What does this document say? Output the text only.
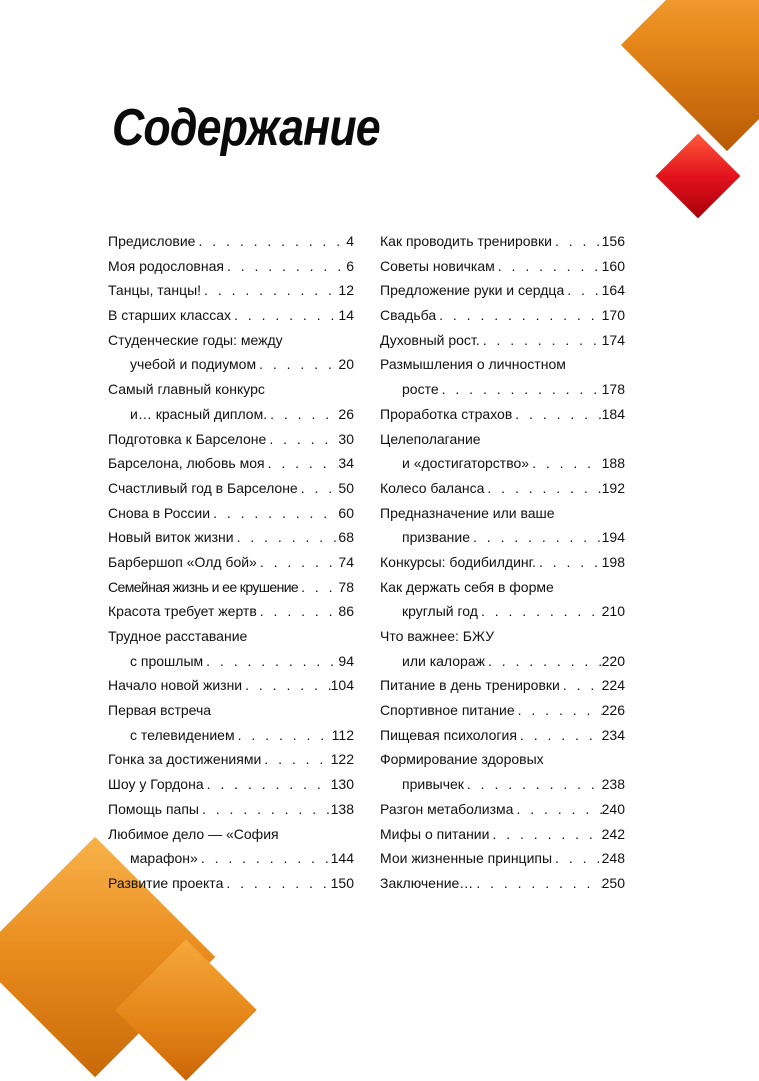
Содержание
Предисловие . . .	4
Моя родословная . . .	6
Танцы, танцы! . . .	12
В старших классах . . .	14
Студенческие годы: между
учебой и подиумом . . .	20
Самый главный конкурс
и… красный диплом. . . .	26
Подготовка к Барселоне . . .	30
Барселона, любовь моя . . .	34
Счастливый год в Барселоне . . .	50
Снова в России . . .	60
Новый виток жизни . . .	68
Барбершоп «Олд бой» . . .	74
Семейная жизнь и ее крушение . . .	78
Красота требует жертв . . .	86
Трудное расставание
с прошлым . . .	94
Начало новой жизни . . .	104
Первая встреча
с телевидением . . .	112
Гонка за достижениями . . .	122
Шоу у Гордона . . .	130
Помощь папы . . .	138
Любимое дело — «София
марафон» . . .	144
Развитие проекта . . .	150
Как проводить тренировки . . .	156
Советы новичкам . . .	160
Предложение руки и сердца . . .	164
Свадьба . . .	170
Духовный рост. . . .	174
Размышления о личностном
росте . . .	178
Проработка страхов . . .	184
Целеполагание
и «достигаторство» . . .	188
Колесо баланса . . .	192
Предназначение или ваше
призвание . . .	194
Конкурсы: бодибилдинг. . . .	198
Как держать себя в форме
круглый год . . .	210
Что важнее: БЖУ
или калораж . . .	220
Питание в день тренировки . . .	224
Спортивное питание . . .	226
Пищевая психология . . .	234
Формирование здоровых
привычек . . .	238
Разгон метаболизма . . .	240
Мифы о питании . . .	242
Мои жизненные принципы . . .	248
Заключение… . . .	250
